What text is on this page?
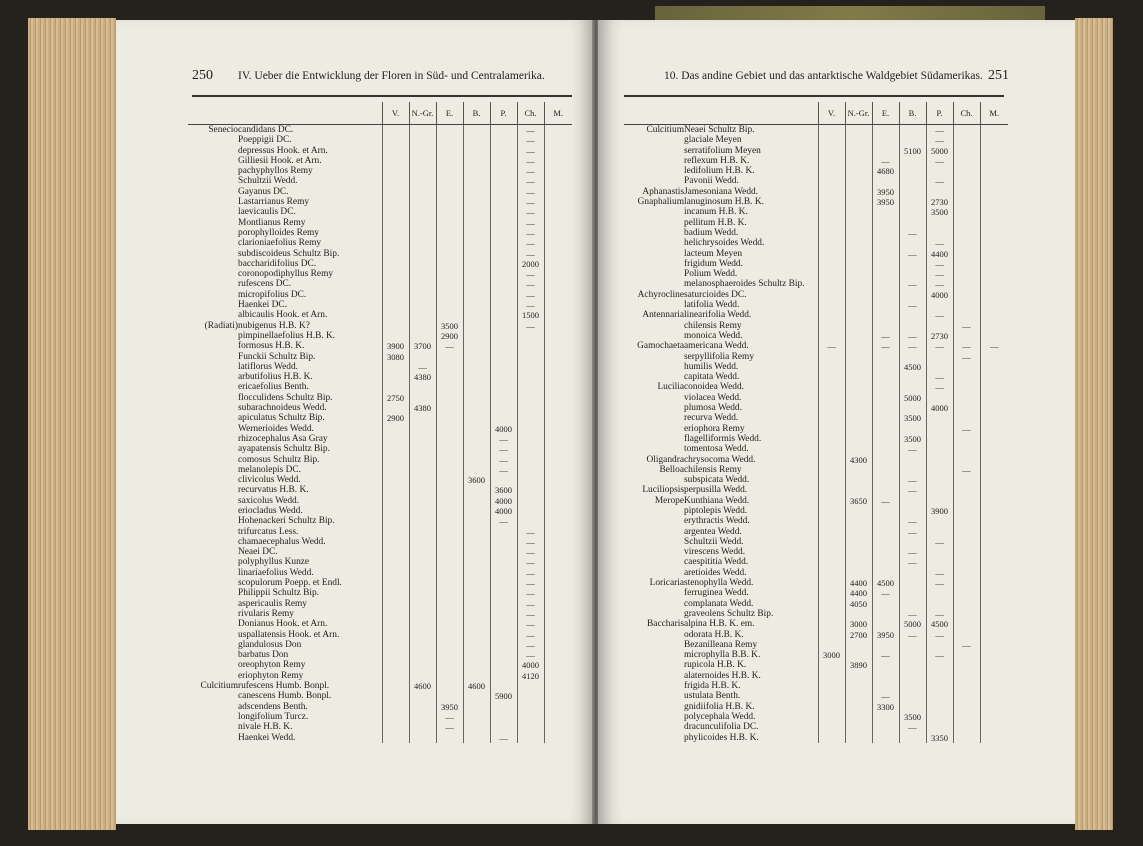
250 IV. Ueber die Entwicklung der Floren in Süd- und Centralamerika.
		V.	N.-Gr.	E.	B.	P.	Ch.	M.
Senecio	candidans DC.						—	
	Poeppigii DC.						—	
	depressus Hook. et Arn.						—	
	Gilliesii Hook. et Arn.						—	
	pachyphyllos Remy						—	
	Schultzii Wedd.						—	
	Gayanus DC.						—	
	Lastarrianus Remy						—	
	laevicaulis DC.						—	
	Montlianus Remy						—	
	porophylloides Remy						—	
	clarioniaefolius Remy						—	
	subdiscoideus Schultz Bip.						—	
	baccharidifolius DC.						2000	
	coronopodiphyllus Remy						—	
	rufescens DC.						—	
	micropifolius DC.						—	
	Haenkei DC.						—	
	albicaulis Hook. et Arn.						1500	
(Radiati)	nubigenus H.B. K?			3500			—	
	pimpinellaefolius H.B. K.			2900				
	formosus H.B. K.	3900	3700	—				
	Funckii Schultz Bip.	3080						
	latiflorus Wedd.		—					
	arbutifolius H.B. K.		4380					
	ericaefolius Benth.							
	flocculidens Schultz Bip.	2750						
	subarachnoideus Wedd.		4380					
	apiculatus Schultz Bip.	2900						
	Wernerioides Wedd.					4000		
	rhizocephalus Asa Gray					—		
	ayapatensis Schultz Bip.					—		
	comosus Schultz Bip.					—		
	melanolepis DC.					—		
	clivicolus Wedd.				3600			
	recurvatus H.B. K.					3600		
	saxicolus Wedd.					4000		
	eriocladus Wedd.					4000		
	Hohenackeri Schultz Bip.					—		
	trifurcatus Less.						—	
	chamaecephalus Wedd.						—	
	Neaei DC.						—	
	polyphyllus Kunze						—	
	linariaefolius Wedd.						—	
	scopulorum Poepp. et Endl.						—	
	Philippii Schultz Bip.						—	
	aspericaulis Remy						—	
	rivularis Remy						—	
	Donianus Hook. et Arn.						—	
	uspallatensis Hook. et Arn.						—	
	glandulosus Don						—	
	barbatus Don						—	
	oreophyton Remy						4000	
	eriophyton Remy						4120	
Culcitium	rufescens Humb. Bonpl.		4600		4600			
	canescens Humb. Bonpl.					5900		
	adscendens Benth.			3950				
	longifolium Turcz.			—				
	nivale H.B. K.			—				
	Haenkei Wedd.					—		
10. Das andine Gebiet und das antarktische Waldgebiet Südamerikas. 251
		V.	N.-Gr.	E.	B.	P.	Ch.	M.
Culcitium	Neaei Schultz Bip.					—		
	glaciale Meyen					—		
	serratifolium Meyen				5100	5000		
	reflexum H.B. K.			—		—		
	ledifolium H.B. K.			4680				
	Pavonii Wedd.					—		
Aphanastis	Jamesoniana Wedd.			3950				
Gnaphalium	lanuginosum H.B. K.			3950		2730		
	incanum H.B. K.					3500		
	pellitum H.B. K.							
	badium Wedd.				—			
	helichrysoides Wedd.					—		
	lacteum Meyen				—	4400		
	frigidum Wedd.					—		
	Polium Wedd.					—		
	melanosphaeroides Schultz Bip.				—	—		
Achyrocline	saturcioides DC.					4000		
	latifolia Wedd.				—			
Antennaria	linearifolia Wedd.					—		
	chilensis Remy						—	
	monoica Wedd.			—	—	2730		
Gamochaeta	americana Wedd.	—		—	—	—	—	—
	serpyllifolia Remy						—	
	humilis Wedd.				4500			
	capitata Wedd.					—		
Lucilia	conoidea Wedd.					—		
	violacea Wedd.				5000			
	plumosa Wedd.					4000		
	recurva Wedd.				3500			
	eriophora Remy						—	
	flagelliformis Wedd.				3500			
	tomentosa Wedd.				—			
Oligandra	chrysocoma Wedd.		4300					
Belloa	chilensis Remy						—	
	subspicata Wedd.				—			
Luciliopsis	perpusilla Wedd.				—			
Merope	Kunthiana Wedd.		3650	—				
	piptolepis Wedd.					3900		
	erythractis Wedd.				—			
	argentea Wedd.				—			
	Schultzii Wedd.					—		
	virescens Wedd.				—			
	caespititia Wedd.				—			
	aretioides Wedd.					—		
Loricaria	stenophylla Wedd.		4400	4500		—		
	ferruginea Wedd.		4400	—				
	complanata Wedd.		4050					
	graveolens Schultz Bip.				—	—		
Baccharis	alpina H.B. K. em.		3000		5000	4500		
	odorata H.B. K.		2700	3950	—	—		
	Bezanilleana Remy						—	
	microphylla B.B. K.	3000		—		—		
	rupicola H.B. K.		3890					
	alaternoides H.B. K.							
	frigida H.B. K.							
	ustulata Benth.			—				
	gnidiifolia H.B. K.			3300				
	polycephala Wedd.				3500			
	dracunculifolia DC.				—			
	phylicoides H.B. K.					3350		
